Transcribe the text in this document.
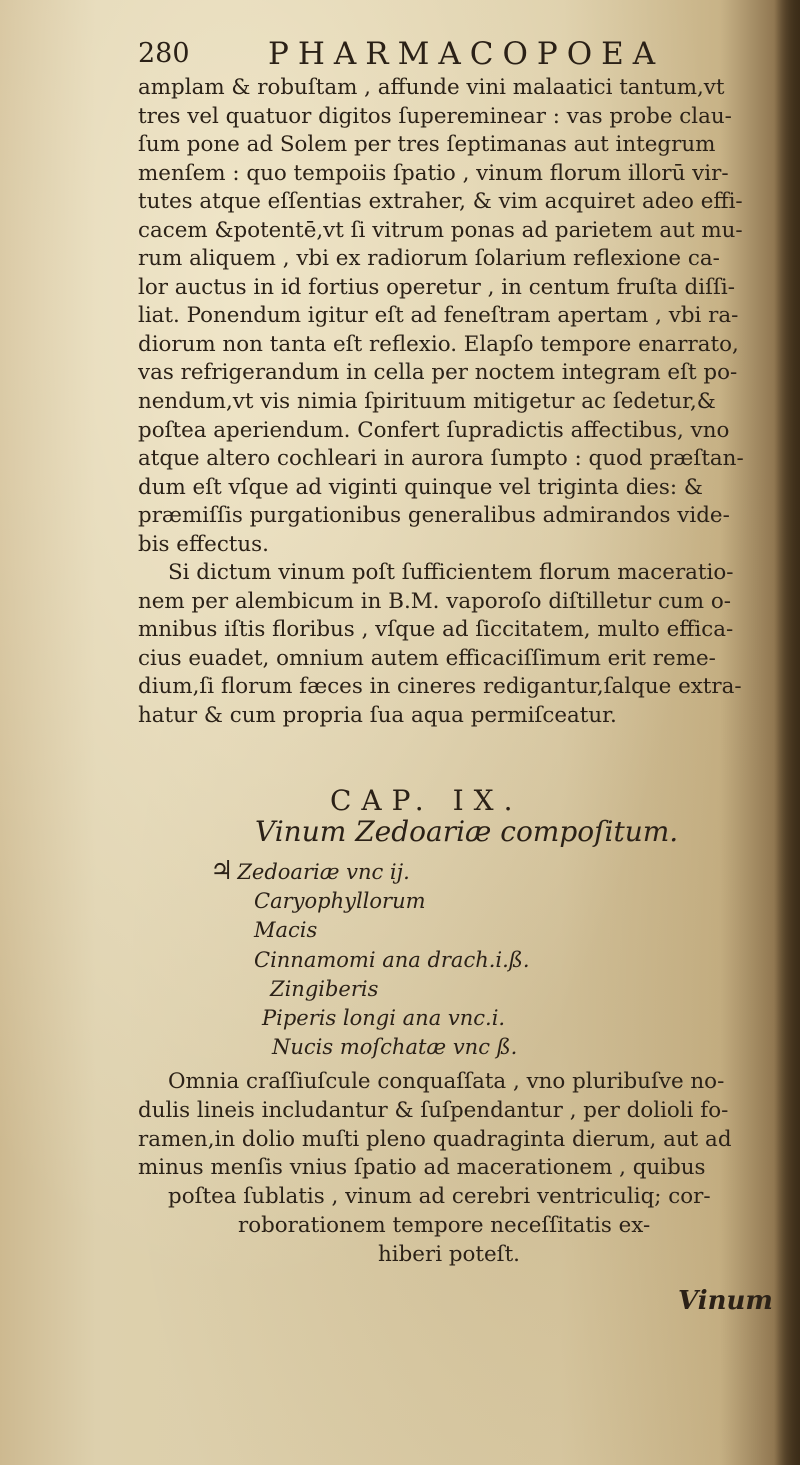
280	PHARMACOPOEA
amplam & robuſtam , affunde vini malaatici tantum,vt
tres vel quatuor digitos ſupereminear : vas probe clau-
ſum pone ad Solem per tres ſeptimanas aut integrum
menſem : quo tempoiis ſpatio , vinum florum illorū vir-
tutes atque eſſentias extraher, & vim acquiret adeo effi-
cacem &potentē,vt ſi vitrum ponas ad parietem aut mu-
rum aliquem , vbi ex radiorum ſolarium reflexione ca-
lor auctus in id fortius operetur , in centum fruſta diſſi-
liat. Ponendum igitur eſt ad feneſtram apertam , vbi ra-
diorum non tanta eſt reflexio. Elapſo tempore enarrato,
vas refrigerandum in cella per noctem integram eſt po-
nendum,vt vis nimia ſpirituum mitigetur ac ſedetur,&
poſtea aperiendum. Confert ſupradictis affectibus, vno
atque altero cochleari in aurora ſumpto : quod præſtan-
dum eſt vſque ad viginti quinque vel triginta dies: &
præmiſſis purgationibus generalibus admirandos vide-
bis effectus.
Si dictum vinum poſt ſufficientem florum maceratio-
nem per alembicum in B.M. vaporoſo diſtilletur cum o-
mnibus iſtis floribus , vſque ad ſiccitatem, multo effica-
cius euadet, omnium autem efficaciſſimum erit reme-
dium,ſi florum fæces in cineres redigantur,ſalque extra-
hatur & cum propria ſua aqua permiſceatur.
CAP. IX.
Vinum Zedoariæ compoſitum.
♃ Zedoariæ vnc ij.
Caryophyllorum
Macis
Cinnamomi ana drach.i.ß.
Zingiberis
Piperis longi ana vnc.i.
Nucis moſchatæ vnc ß.
Omnia craſſiuſcule conquaſſata , vno pluribuſve no-
dulis lineis includantur & ſuſpendantur , per dolioli fo-
ramen,in dolio muſti pleno quadraginta dierum, aut ad
minus menſis vnius ſpatio ad macerationem , quibus
poſtea ſublatis , vinum ad cerebri ventriculiq; cor-
roborationem tempore neceſſitatis ex-
hiberi poteſt.
Vinum
